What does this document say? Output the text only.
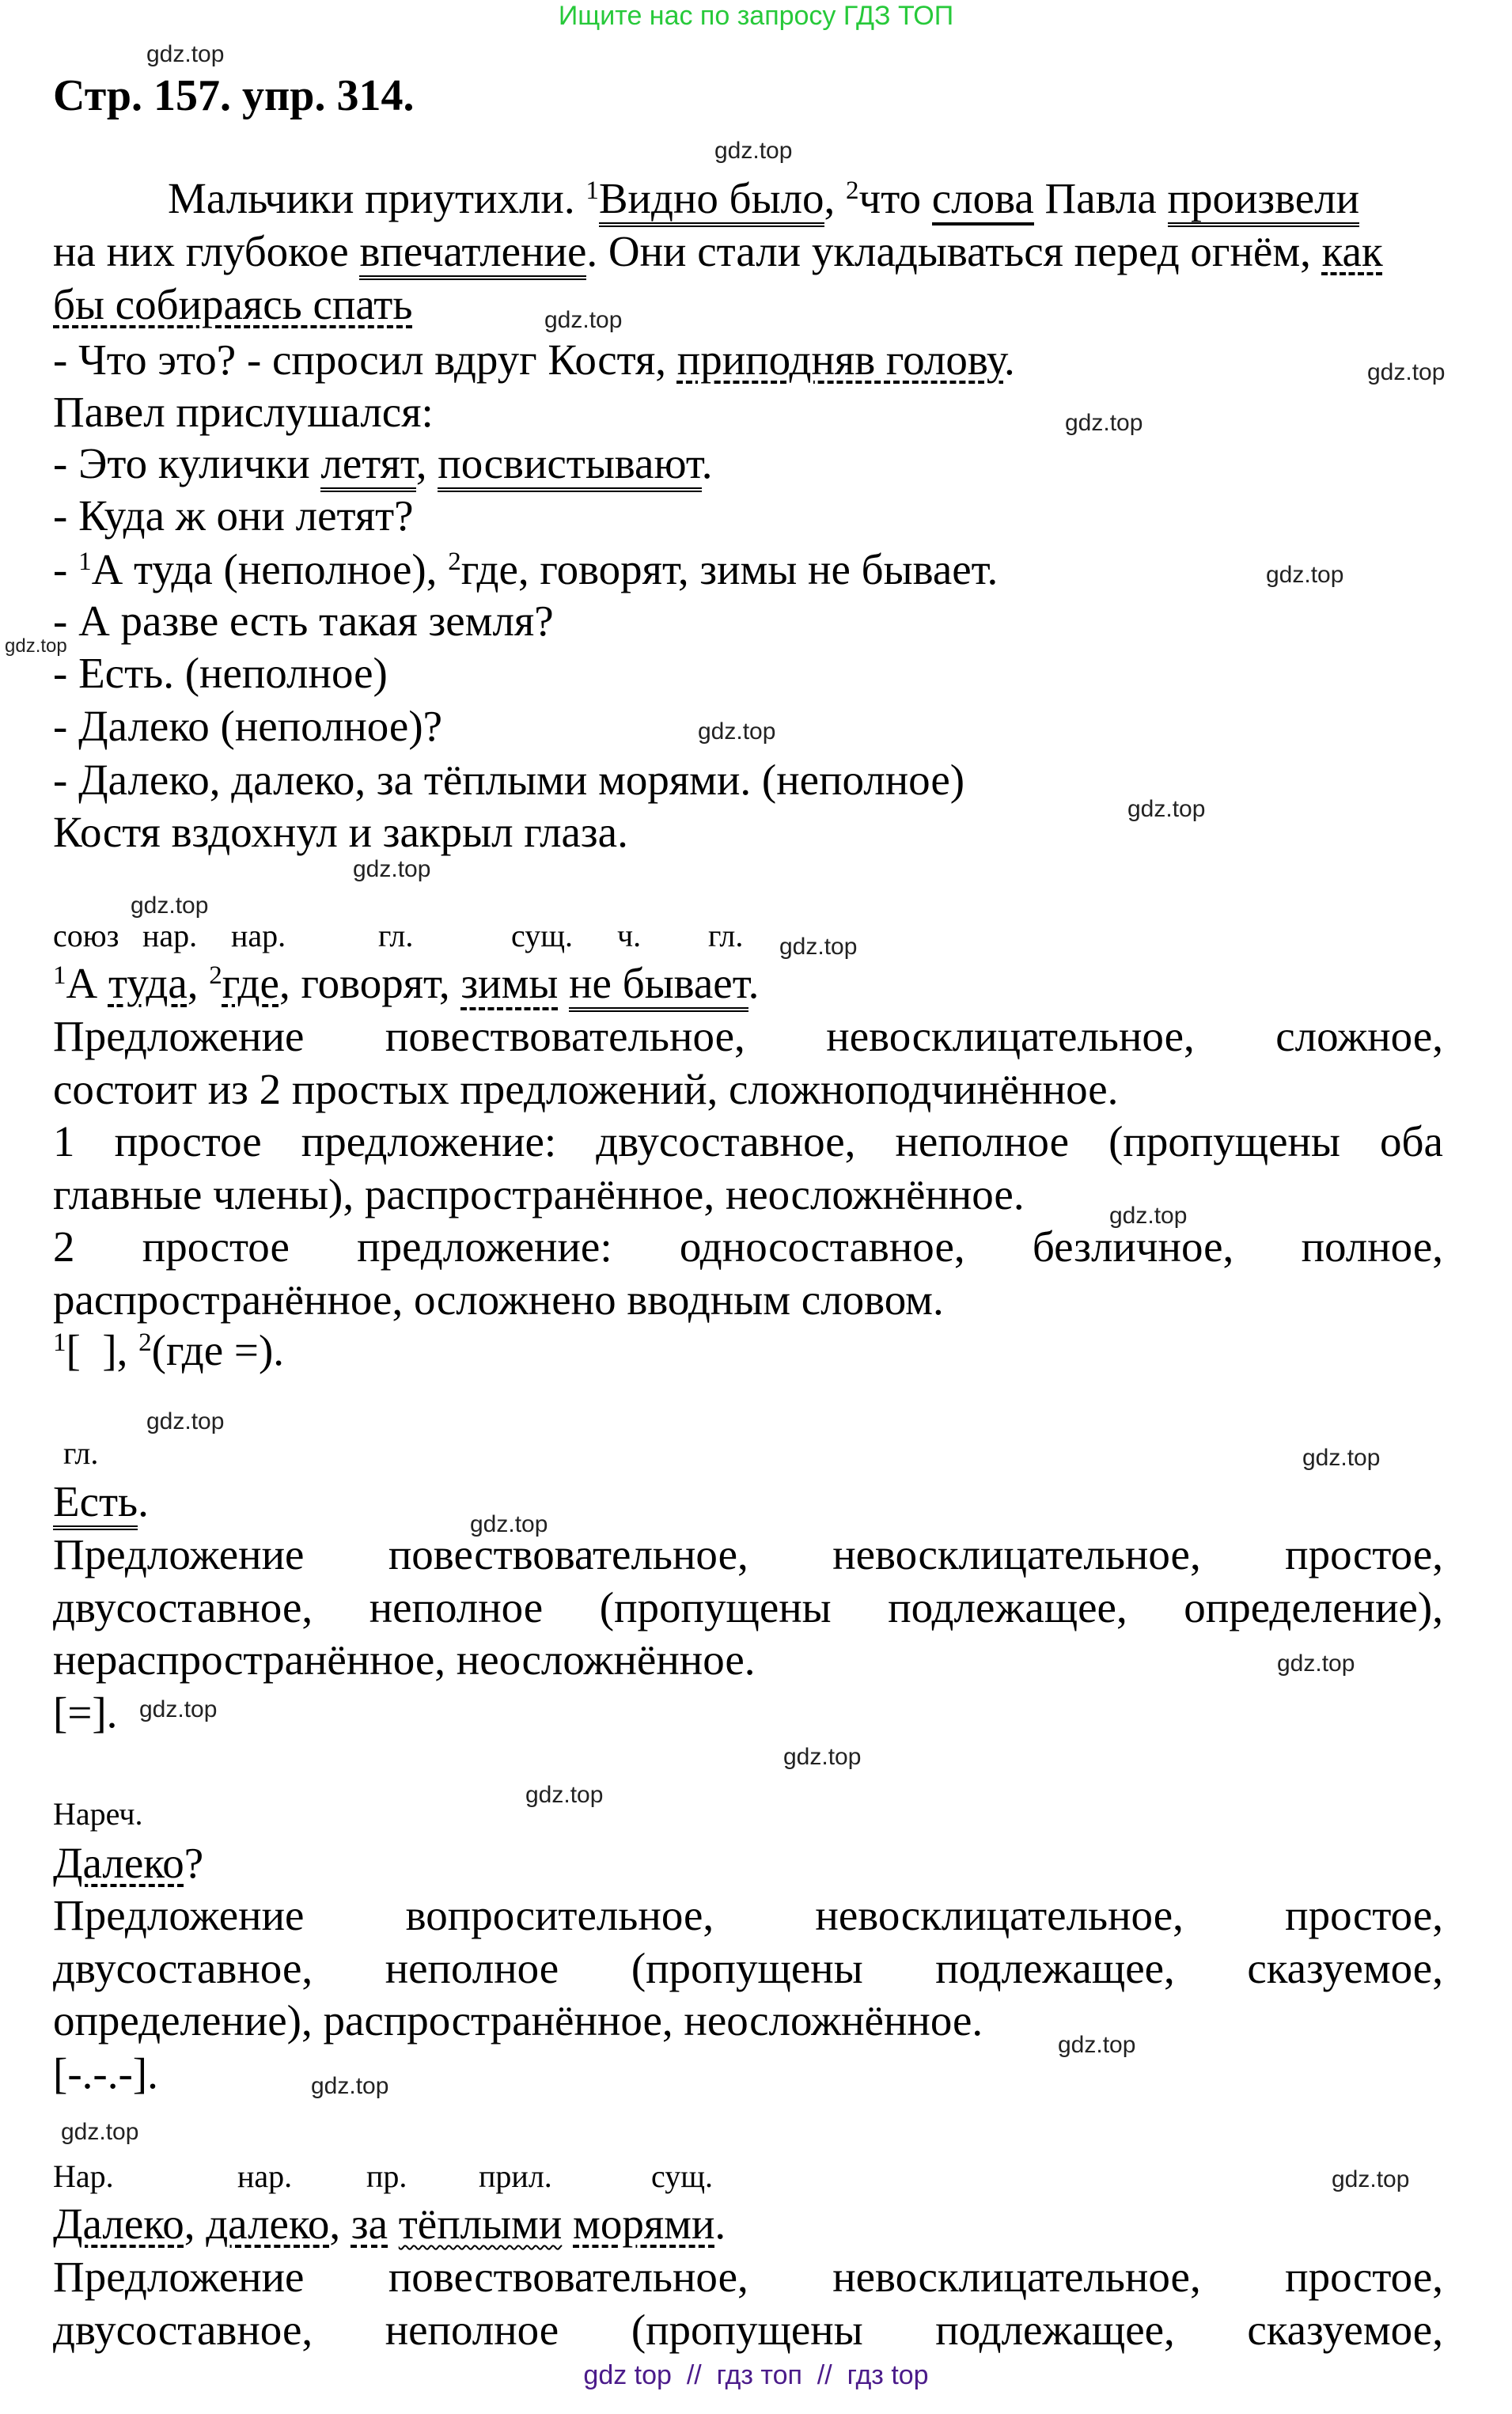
Ищите нас по запросу ГДЗ ТОП
Стр. 157. упр. 314.
gdz.top
gdz.top
gdz.top
gdz.top
gdz.top
gdz.top
gdz.top
gdz.top
gdz.top
gdz.top
gdz.top
gdz.top
gdz.top
gdz.top
gdz.top
gdz.top
gdz.top
gdz.top
gdz.top
gdz.top
gdz.top
gdz.top
gdz.top
gdz.top
Мальчики приутихли. $^1$Видно было, $^2$что слова Павла произвели
на них глубокое впечатление. Они стали укладываться перед огнём, как
бы собираясь спать
- Что это? - спросил вдруг Костя, приподняв голову.
Павел прислушался:
- Это кулички летят, посвистывают.
- Куда ж они летят?
- $^1$А туда (неполное), $^2$где, говорят, зимы не бывает.
- А разве есть такая земля?
- Есть. (неполное)
- Далеко (неполное)?
- Далеко, далеко, за тёплыми морями. (неполное)
Костя вздохнул и закрыл глаза.
союз нар. нар.	гл.	сущ. ч. гл.
$^1$А туда, $^2$где, говорят, зимы не бывает.
Предложение повествовательное, невосклицательное, сложное,
состоит из 2 простых предложений, сложноподчинённое.
1 простое предложение: двусоставное, неполное (пропущены оба
главные члены), распространённое, неосложнённое.
2 простое предложение: односоставное, безличное, полное,
распространённое, осложнено вводным словом.
$^1$[  ], $^2$(где =).
гл.
Есть.
Предложение повествовательное, невосклицательное, простое,
двусоставное, неполное (пропущены подлежащее, определение),
нераспространённое, неосложнённое.
[=].
Нареч.
Далеко?
Предложение вопросительное, невосклицательное, простое,
двусоставное, неполное (пропущены подлежащее, сказуемое,
определение), распространённое, неосложнённое.
[-.-.-].
Нар.	нар. пр. прил.	сущ.
Далеко, далеко, за тёплыми морями.
Предложение повествовательное, невосклицательное, простое,
двусоставное, неполное (пропущены подлежащее, сказуемое,
gdz top  //  гдз топ  //  гдз top
